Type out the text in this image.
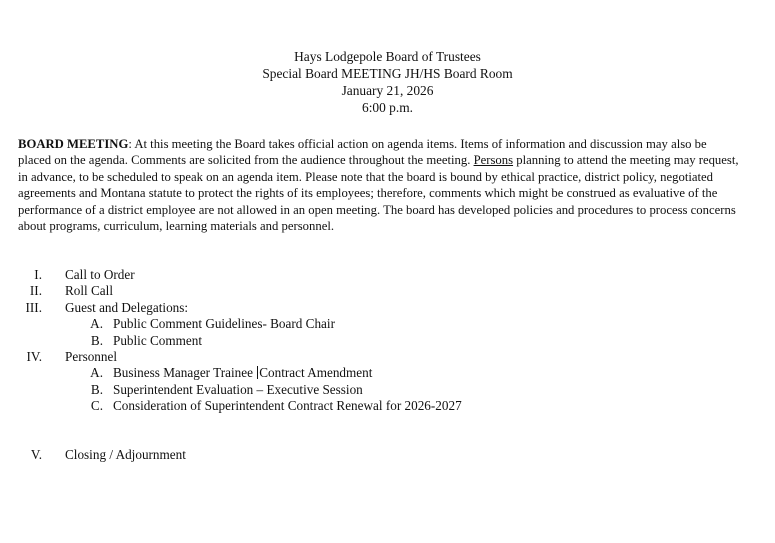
Hays Lodgepole Board of Trustees
Special Board MEETING JH/HS Board Room
January 21, 2026
6:00 p.m.
BOARD MEETING: At this meeting the Board takes official action on agenda items. Items of information and discussion may also be placed on the agenda. Comments are solicited from the audience throughout the meeting. Persons planning to attend the meeting may request, in advance, to be scheduled to speak on an agenda item. Please note that the board is bound by ethical practice, district policy, negotiated agreements and Montana statute to protect the rights of its employees; therefore, comments which might be construed as evaluative of the performance of a district employee are not allowed in an open meeting. The board has developed policies and procedures to process concerns about programs, curriculum, learning materials and personnel.
I. Call to Order
II. Roll Call
III. Guest and Delegations:
A. Public Comment Guidelines- Board Chair
B. Public Comment
IV. Personnel
A. Business Manager Trainee Contract Amendment
B. Superintendent Evaluation – Executive Session
C. Consideration of Superintendent Contract Renewal for 2026-2027
V. Closing / Adjournment
